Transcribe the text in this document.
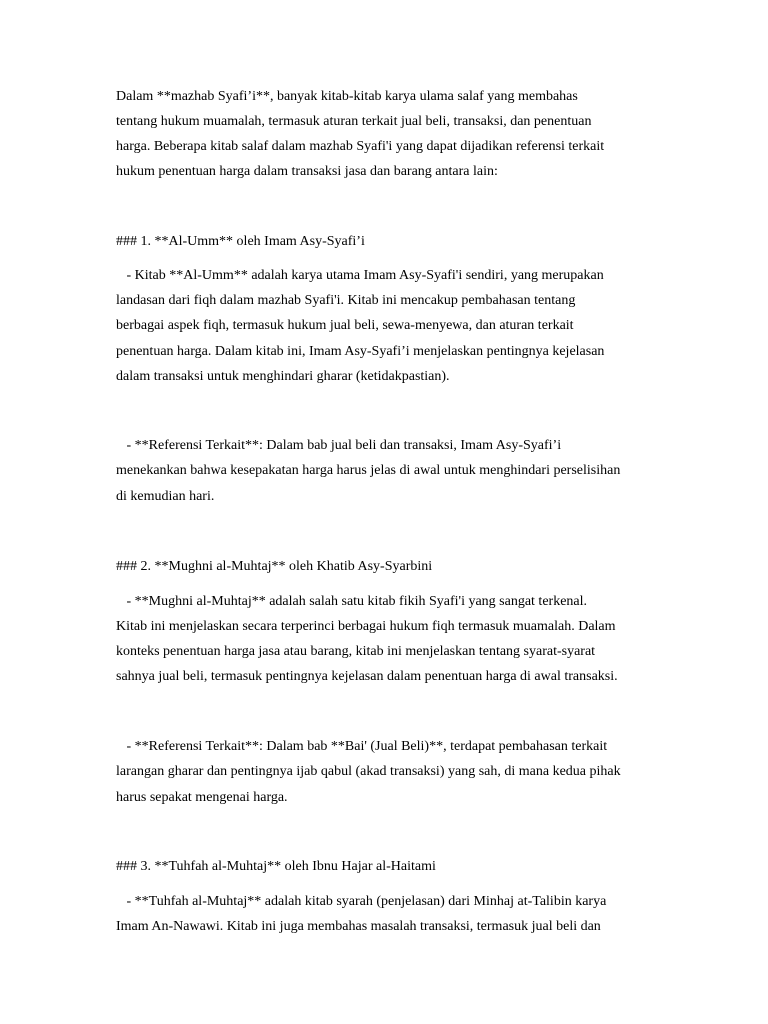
Dalam **mazhab Syafi’i**, banyak kitab-kitab karya ulama salaf yang membahas
tentang hukum muamalah, termasuk aturan terkait jual beli, transaksi, dan penentuan
harga. Beberapa kitab salaf dalam mazhab Syafi'i yang dapat dijadikan referensi terkait
hukum penentuan harga dalam transaksi jasa dan barang antara lain:
### 1. **Al-Umm** oleh Imam Asy-Syafi’i
- Kitab **Al-Umm** adalah karya utama Imam Asy-Syafi'i sendiri, yang merupakan
landasan dari fiqh dalam mazhab Syafi'i. Kitab ini mencakup pembahasan tentang
berbagai aspek fiqh, termasuk hukum jual beli, sewa-menyewa, dan aturan terkait
penentuan harga. Dalam kitab ini, Imam Asy-Syafi’i menjelaskan pentingnya kejelasan
dalam transaksi untuk menghindari gharar (ketidakpastian).
- **Referensi Terkait**: Dalam bab jual beli dan transaksi, Imam Asy-Syafi’i
menekankan bahwa kesepakatan harga harus jelas di awal untuk menghindari perselisihan
di kemudian hari.
### 2. **Mughni al-Muhtaj** oleh Khatib Asy-Syarbini
- **Mughni al-Muhtaj** adalah salah satu kitab fikih Syafi'i yang sangat terkenal.
Kitab ini menjelaskan secara terperinci berbagai hukum fiqh termasuk muamalah. Dalam
konteks penentuan harga jasa atau barang, kitab ini menjelaskan tentang syarat-syarat
sahnya jual beli, termasuk pentingnya kejelasan dalam penentuan harga di awal transaksi.
- **Referensi Terkait**: Dalam bab **Bai' (Jual Beli)**, terdapat pembahasan terkait
larangan gharar dan pentingnya ijab qabul (akad transaksi) yang sah, di mana kedua pihak
harus sepakat mengenai harga.
### 3. **Tuhfah al-Muhtaj** oleh Ibnu Hajar al-Haitami
- **Tuhfah al-Muhtaj** adalah kitab syarah (penjelasan) dari Minhaj at-Talibin karya
Imam An-Nawawi. Kitab ini juga membahas masalah transaksi, termasuk jual beli dan
